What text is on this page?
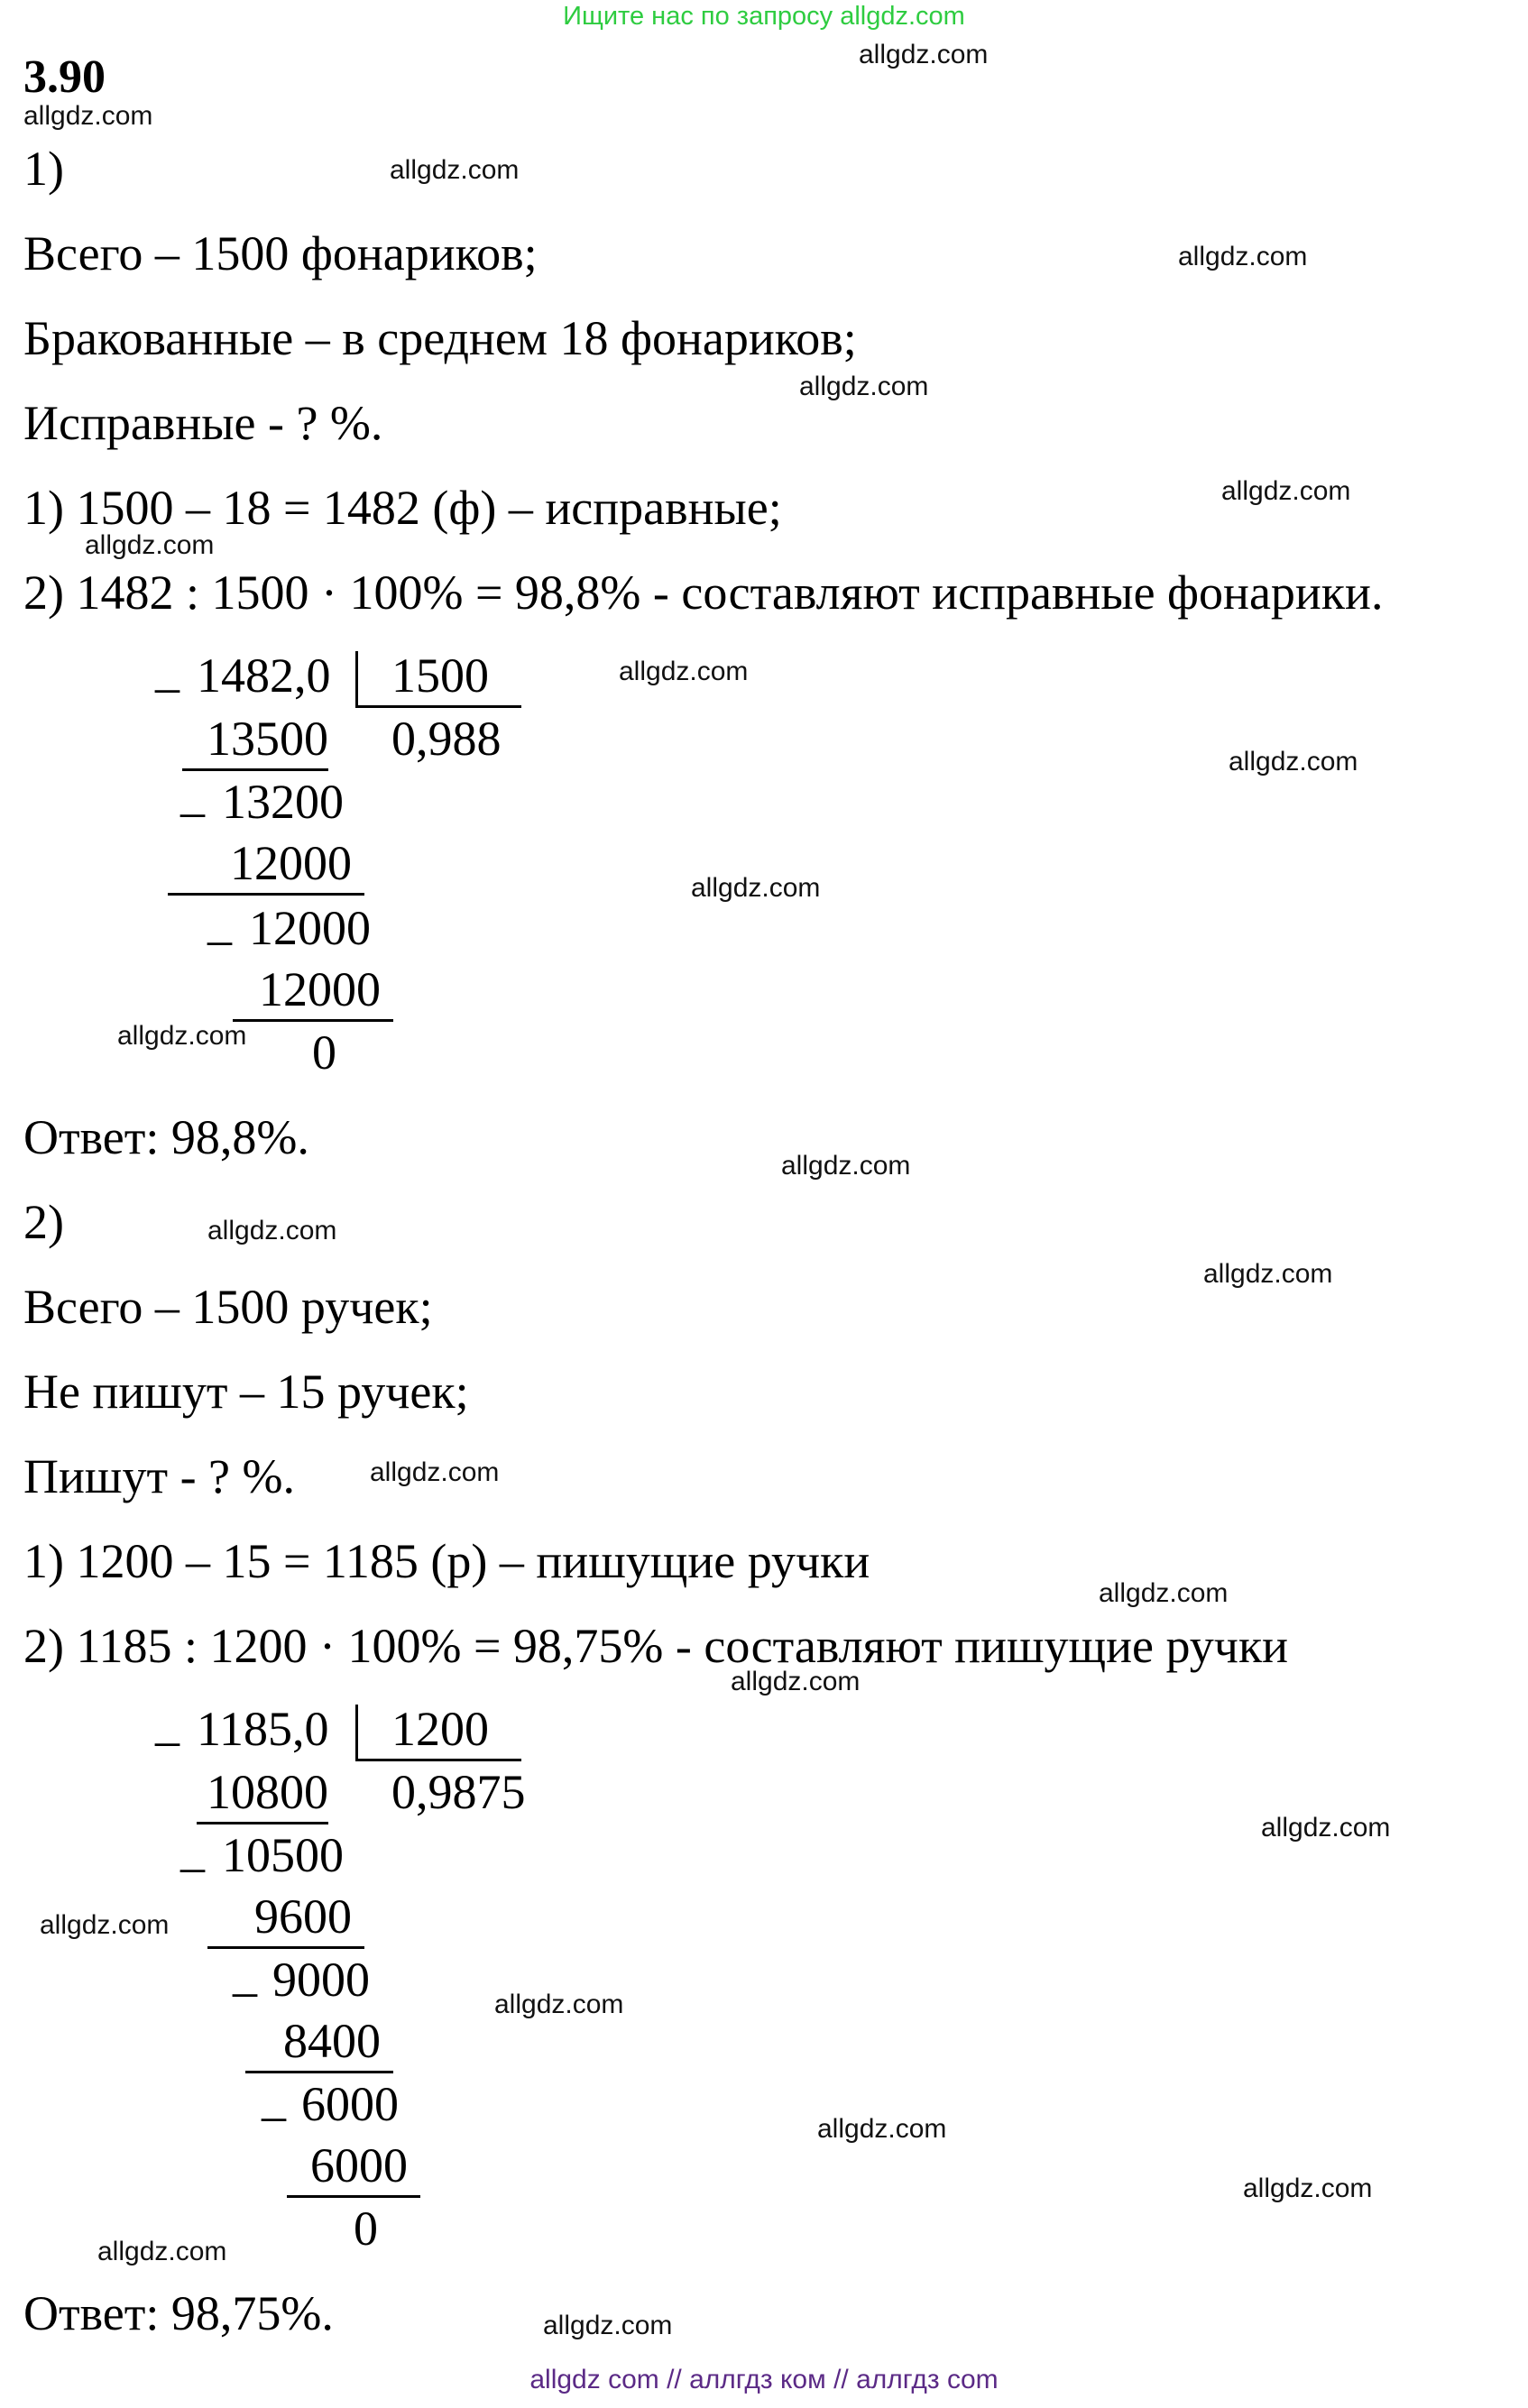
Ищите нас по запросу allgdz.com
3.90
1)
Всего – 1500 фонариков;
Бракованные – в среднем 18 фонариков;
Исправные - ? %.
1) 1500 – 18 = 1482 (ф) – исправные;
2) 1482 : 1500 · 100% = 98,8% - составляют исправные фонарики.
_ 1482,0 1500
0,988
13500
_ 13200
12000
_ 12000
12000
0
Ответ: 98,8%.
2)
Всего – 1500 ручек;
Не пишут – 15 ручек;
Пишут - ? %.
1) 1200 – 15 = 1185 (р) – пишущие ручки
2) 1185 : 1200 · 100% = 98,75% - составляют пишущие ручки
_ 1185,0 1200
0,9875
10800
_ 10500
9600
_ 9000
8400
_ 6000
6000
0
Ответ: 98,75%.
allgdz.com
allgdz.com
allgdz.com
allgdz.com
allgdz.com
allgdz.com
allgdz.com
allgdz.com
allgdz.com
allgdz.com
allgdz.com
allgdz.com
allgdz.com
allgdz.com
allgdz.com
allgdz.com
allgdz.com
allgdz.com
allgdz.com
allgdz.com
allgdz.com
allgdz.com
allgdz.com
allgdz.com
allgdz com // аллгдз ком // аллгдз com
